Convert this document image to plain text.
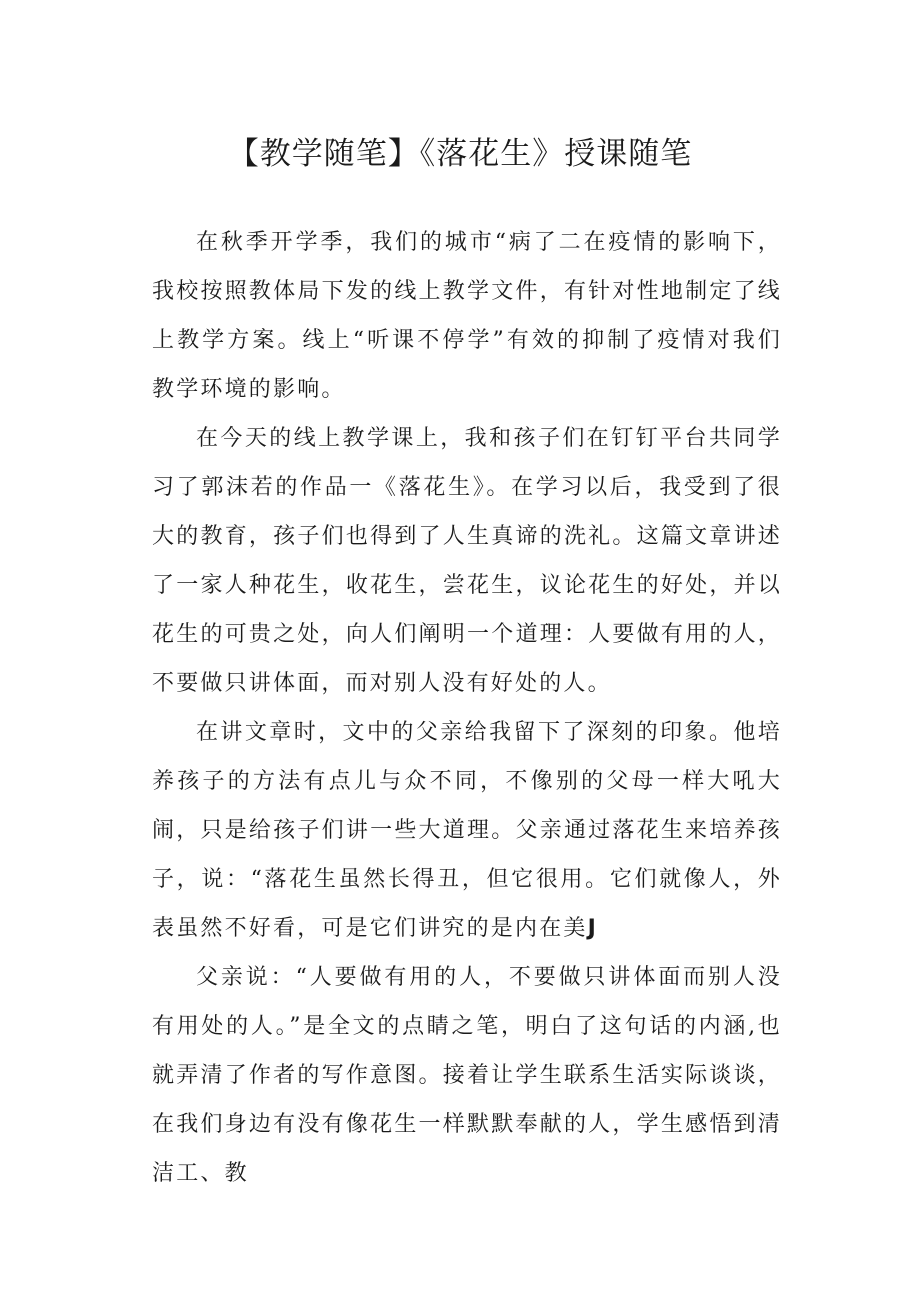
【教学随笔】《落花生》授课随笔

在秋季开学季，我们的城市“病了二在疫情的影响下，我校按照教体局下发的线上教学文件，有针对性地制定了线上教学方案。线上“听课不停学”有效的抑制了疫情对我们教学环境的影响。

在今天的线上教学课上，我和孩子们在钉钉平台共同学习了郭沫若的作品一《落花生》。在学习以后，我受到了很大的教育，孩子们也得到了人生真谛的洗礼。这篇文章讲述了一家人种花生，收花生，尝花生，议论花生的好处，并以花生的可贵之处，向人们阐明一个道理：人要做有用的人，不要做只讲体面，而对别人没有好处的人。

在讲文章时，文中的父亲给我留下了深刻的印象。他培养孩子的方法有点儿与众不同，不像别的父母一样大吼大闹，只是给孩子们讲一些大道理。父亲通过落花生来培养孩子，说：“落花生虽然长得丑，但它很用。它们就像人，外表虽然不好看，可是它们讲究的是内在美J

父亲说：“人要做有用的人，不要做只讲体面而别人没有用处的人。”是全文的点睛之笔，明白了这句话的内涵,也就弄清了作者的写作意图。接着让学生联系生活实际谈谈，在我们身边有没有像花生一样默默奉献的人，学生感悟到清洁工、教
